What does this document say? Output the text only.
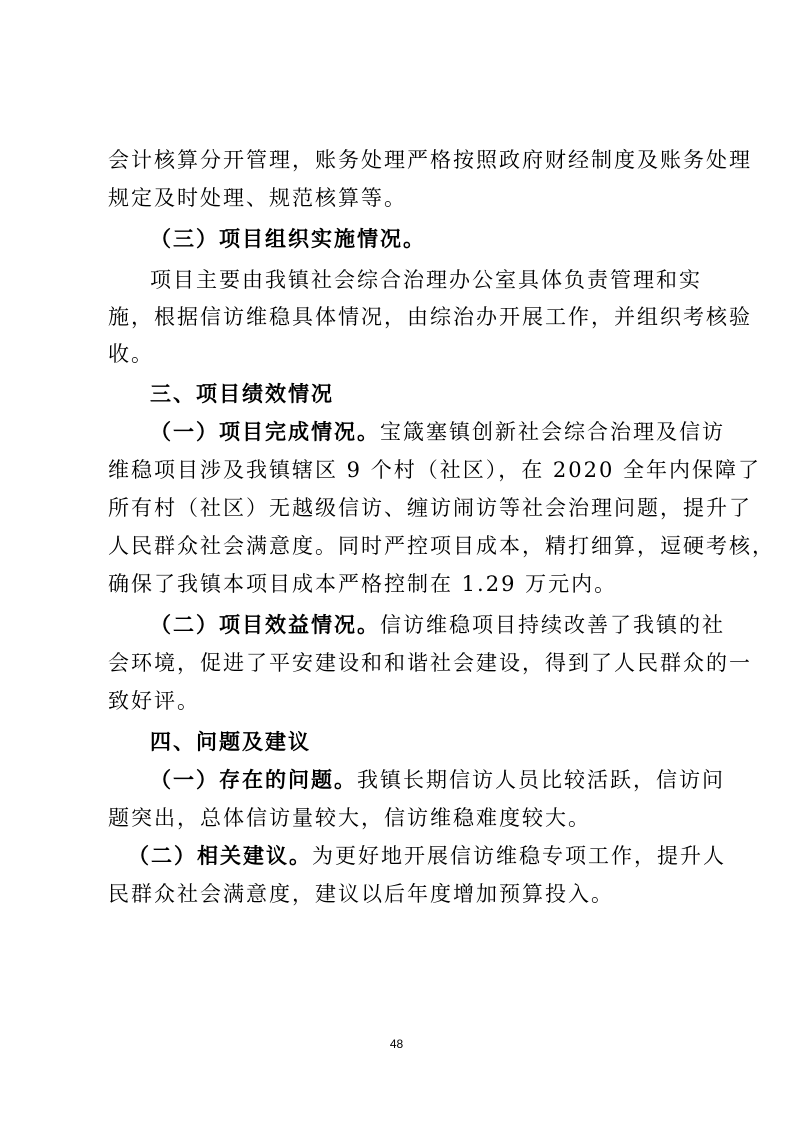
会计核算分开管理，账务处理严格按照政府财经制度及账务处理
规定及时处理、规范核算等。
（三）项目组织实施情况。
项目主要由我镇社会综合治理办公室具体负责管理和实
施，根据信访维稳具体情况，由综治办开展工作，并组织考核验
收。
三、项目绩效情况
（一）项目完成情况。宝箴塞镇创新社会综合治理及信访
维稳项目涉及我镇辖区 9 个村（社区），在 2020 全年内保障了
所有村（社区）无越级信访、缠访闹访等社会治理问题，提升了
人民群众社会满意度。同时严控项目成本，精打细算，逗硬考核，
确保了我镇本项目成本严格控制在 1.29 万元内。
（二）项目效益情况。信访维稳项目持续改善了我镇的社
会环境，促进了平安建设和和谐社会建设，得到了人民群众的一
致好评。
四、问题及建议
（一）存在的问题。我镇长期信访人员比较活跃，信访问
题突出，总体信访量较大，信访维稳难度较大。
（二）相关建议。为更好地开展信访维稳专项工作，提升人
民群众社会满意度，建议以后年度增加预算投入。
48
